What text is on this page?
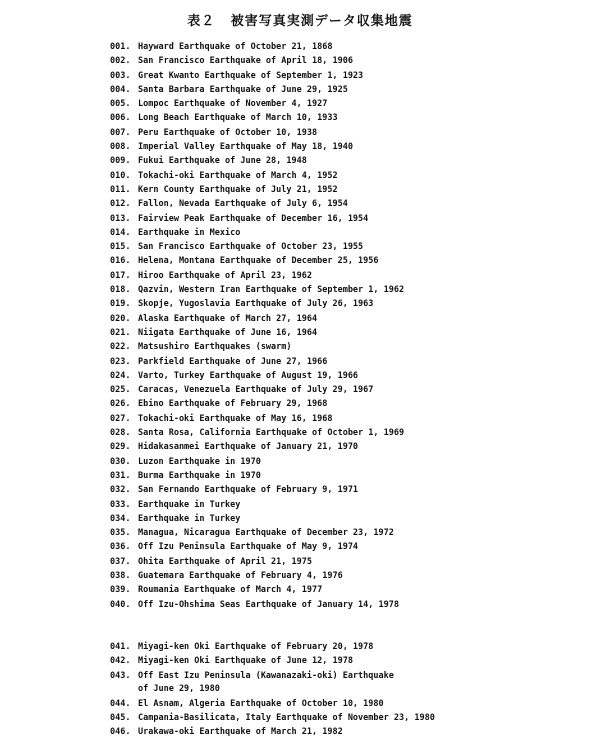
表２ 被害写真実測データ収集地震
001. Hayward Earthquake of October 21, 1868
002. San Francisco Earthquake of April 18, 1906
003. Great Kwanto Earthquake of September 1, 1923
004. Santa Barbara Earthquake of June 29, 1925
005. Lompoc Earthquake of November 4, 1927
006. Long Beach Earthquake of March 10, 1933
007. Peru Earthquake of October 10, 1938
008. Imperial Valley Earthquake of May 18, 1940
009. Fukui Earthquake of June 28, 1948
010. Tokachi-oki Earthquake of March 4, 1952
011. Kern County Earthquake of July 21, 1952
012. Fallon, Nevada Earthquake of July 6, 1954
013. Fairview Peak Earthquake of December 16, 1954
014. Earthquake in Mexico
015. San Francisco Earthquake of October 23, 1955
016. Helena, Montana Earthquake of December 25, 1956
017. Hiroo Earthquake of April 23, 1962
018. Qazvin, Western Iran Earthquake of September 1, 1962
019. Skopje, Yugoslavia Earthquake of July 26, 1963
020. Alaska Earthquake of March 27, 1964
021. Niigata Earthquake of June 16, 1964
022. Matsushiro Earthquakes (swarm)
023. Parkfield Earthquake of June 27, 1966
024. Varto, Turkey Earthquake of August 19, 1966
025. Caracas, Venezuela Earthquake of July 29, 1967
026. Ebino Earthquake of February 29, 1968
027. Tokachi-oki Earthquake of May 16, 1968
028. Santa Rosa, California Earthquake of October 1, 1969
029. Hidakasanmei Earthquake of January 21, 1970
030. Luzon Earthquake in 1970
031. Burma Earthquake in 1970
032. San Fernando Earthquake of February 9, 1971
033. Earthquake in Turkey
034. Earthquake in Turkey
035. Managua, Nicaragua Earthquake of December 23, 1972
036. Off Izu Peninsula Earthquake of May 9, 1974
037. Ohita Earthquake of April 21, 1975
038. Guatemara Earthquake of February 4, 1976
039. Roumania Earthquake of March 4, 1977
040. Off Izu-Ohshima Seas Earthquake of January 14, 1978
041. Miyagi-ken Oki Earthquake of February 20, 1978
042. Miyagi-ken Oki Earthquake of June 12, 1978
043. Off East Izu Peninsula (Kawanazaki-oki) Earthquake
of June 29, 1980
044. El Asnam, Algeria Earthquake of October 10, 1980
045. Campania-Basilicata, Italy Earthquake of November 23, 1980
046. Urakawa-oki Earthquake of March 21, 1982
